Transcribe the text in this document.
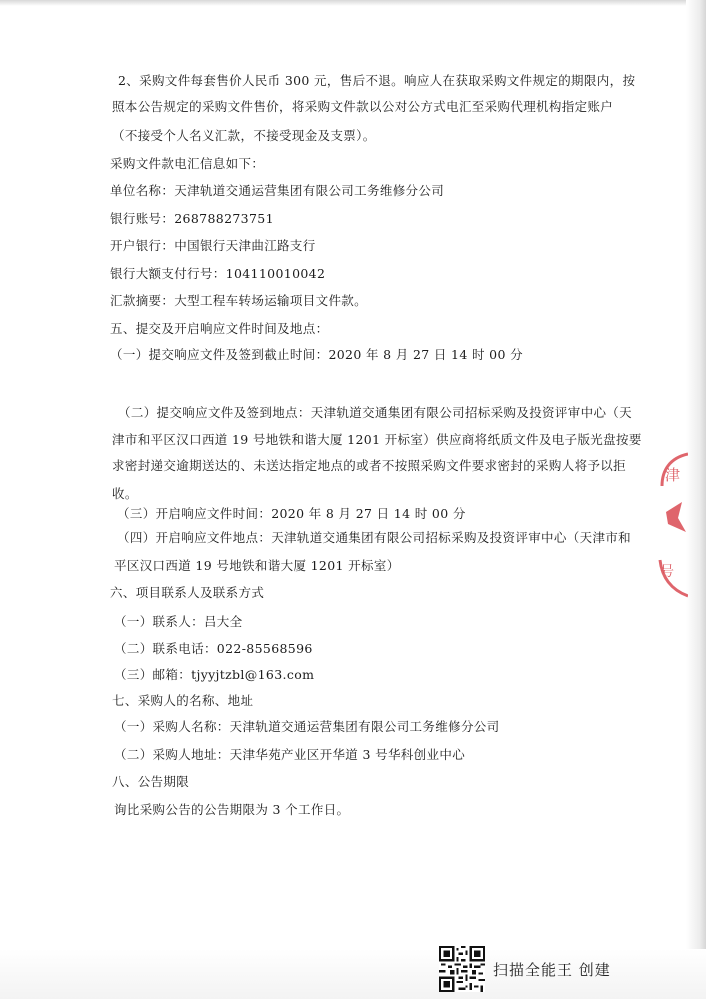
2、采购文件每套售价人民币 300 元，售后不退。响应人在获取采购文件规定的期限内，按
照本公告规定的采购文件售价，将采购文件款以公对公方式电汇至采购代理机构指定账户
（不接受个人名义汇款，不接受现金及支票）。
采购文件款电汇信息如下：
单位名称：天津轨道交通运营集团有限公司工务维修分公司
银行账号：268788273751
开户银行：中国银行天津曲江路支行
银行大额支付行号：104110010042
汇款摘要：大型工程车转场运输项目文件款。
五、提交及开启响应文件时间及地点：
（一）提交响应文件及签到截止时间：2020 年 8 月 27 日 14 时 00 分
（二）提交响应文件及签到地点：天津轨道交通集团有限公司招标采购及投资评审中心（天
津市和平区汉口西道 19 号地铁和谐大厦 1201 开标室）供应商将纸质文件及电子版光盘按要
求密封递交逾期送达的、未送达指定地点的或者不按照采购文件要求密封的采购人将予以拒
收。
（三）开启响应文件时间：2020 年 8 月 27 日 14 时 00 分
（四）开启响应文件地点：天津轨道交通集团有限公司招标采购及投资评审中心（天津市和
平区汉口西道 19 号地铁和谐大厦 1201 开标室）
六、项目联系人及联系方式
（一）联系人：吕大全
（二）联系电话：022-85568596
（三）邮箱：tjyyjtzbl@163.com
七、采购人的名称、地址
（一）采购人名称：天津轨道交通运营集团有限公司工务维修分公司
（二）采购人地址：天津华苑产业区开华道 3 号华科创业中心
八、公告期限
询比采购公告的公告期限为 3 个工作日。
津
号
扫描全能王 创建
